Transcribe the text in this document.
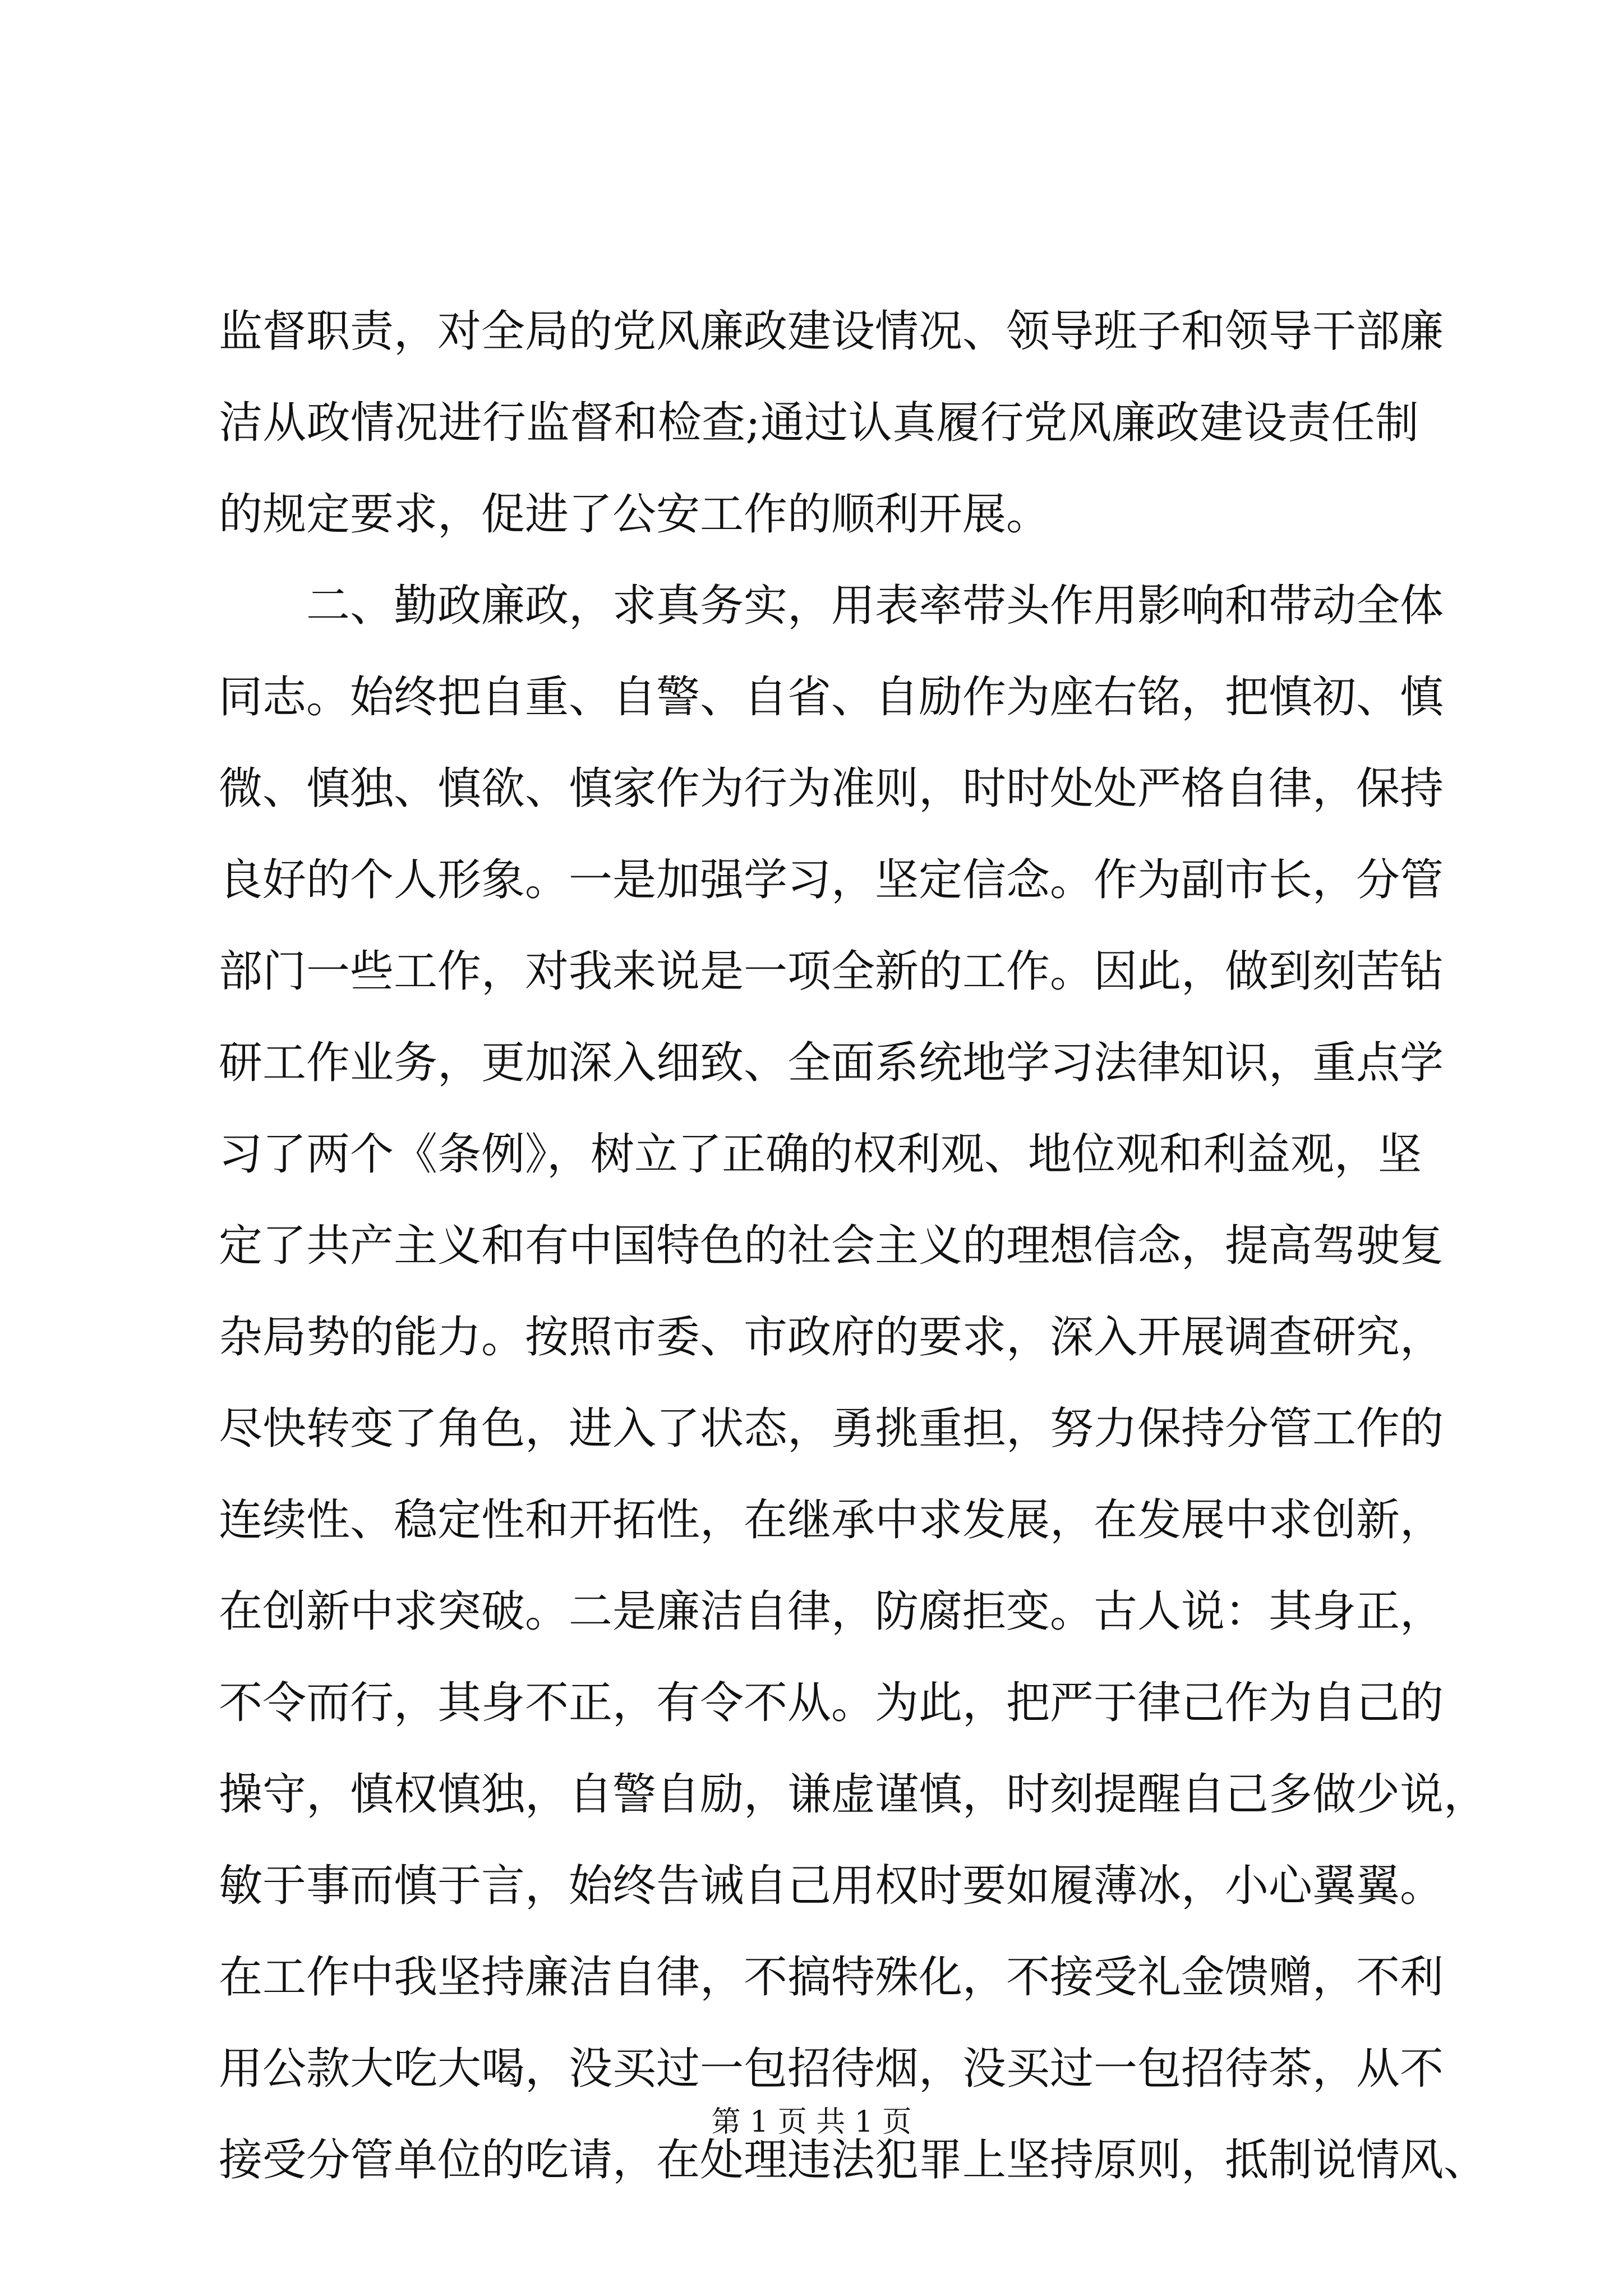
监督职责，对全局的党风廉政建设情况、领导班子和领导干部廉
洁从政情况进行监督和检查;通过认真履行党风廉政建设责任制
的规定要求，促进了公安工作的顺利开展。
二、勤政廉政，求真务实，用表率带头作用影响和带动全体
同志。始终把自重、自警、自省、自励作为座右铭，把慎初、慎
微、慎独、慎欲、慎家作为行为准则，时时处处严格自律，保持
良好的个人形象。一是加强学习，坚定信念。作为副市长，分管
部门一些工作，对我来说是一项全新的工作。因此，做到刻苦钻
研工作业务，更加深入细致、全面系统地学习法律知识，重点学
习了两个《条例》，树立了正确的权利观、地位观和利益观，坚
定了共产主义和有中国特色的社会主义的理想信念，提高驾驶复
杂局势的能力。按照市委、市政府的要求，深入开展调查研究，
尽快转变了角色，进入了状态，勇挑重担，努力保持分管工作的
连续性、稳定性和开拓性，在继承中求发展，在发展中求创新，
在创新中求突破。二是廉洁自律，防腐拒变。古人说：其身正，
不令而行，其身不正，有令不从。为此，把严于律己作为自己的
操守，慎权慎独，自警自励，谦虚谨慎，时刻提醒自己多做少说，
敏于事而慎于言，始终告诫自己用权时要如履薄冰，小心翼翼。
在工作中我坚持廉洁自律，不搞特殊化，不接受礼金馈赠，不利
用公款大吃大喝，没买过一包招待烟，没买过一包招待茶，从不
接受分管单位的吃请，在处理违法犯罪上坚持原则，抵制说情风、
第 1 页 共 1 页
